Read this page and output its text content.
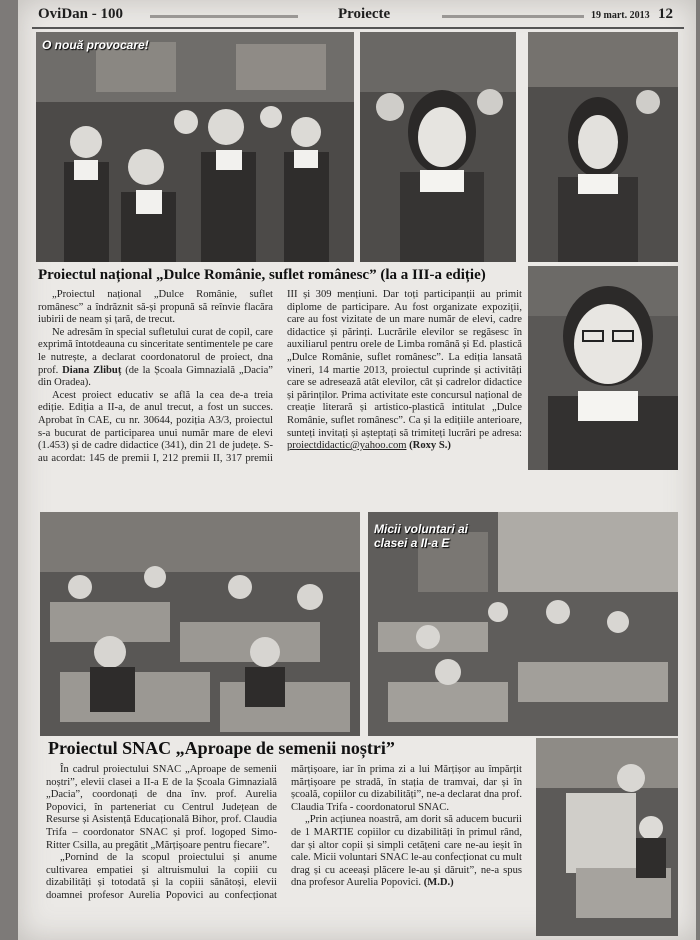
OviDan - 100	Proiecte	19 mart. 2013 12
O nouă provocare!
Proiectul național „Dulce Românie, suflet românesc” (la a III-a ediție)

„Proiectul național „Dulce Românie, suflet românesc” a îndrăznit să-și propună să reînvie flacăra iubirii de neam și țară, de trecut.

Ne adresăm în special sufletului curat de copil, care exprimă întotdeauna cu sinceritate sentimentele pe care le nutrește, a declarat coordonatorul de proiect, dna prof. Diana Zlibuț (de la Școala Gimnazială „Dacia” din Oradea).

Acest proiect educativ se află la cea de-a treia ediție. Ediția a II-a, de anul trecut, a fost un succes. Aprobat în CAE, cu nr. 30644, poziția A3/3, proiectul s-a bucurat de participarea unui număr mare de elevi (1.453) și de cadre didactice (341), din 21 de județe. S-au acordat: 145 de premii I, 212 premii II, 317 premii III și 309 mențiuni. Dar toți participanții au primit diplome de participare. Au fost organizate expoziții, care au fost vizitate de un mare număr de elevi, cadre didactice și părinți. Lucrările elevilor se regăsesc în auxiliarul pentru orele de Limba română și Ed. plastică „Dulce Românie, suflet românesc”. La ediția lansată vineri, 14 martie 2013, proiectul cuprinde și activități care se adresează atât elevilor, cât și cadrelor didactice și părinților. Prima activitate este concursul național de creație literară și artistico-plastică intitulat „Dulce Românie, suflet românesc”. Ca și la edițiile anterioare, sunteți invitați și așteptați să trimiteți lucrări pe adresa: proiectdidactic@yahoo.com (Roxy S.)

Micii voluntari ai
clasei a II-a E
Proiectul SNAC „Aproape de semenii noștri”

În cadrul proiectului SNAC „Aproape de semenii noștri”, elevii clasei a II-a E de la Școala Gimnazială „Dacia”, coordonați de dna înv. prof. Aurelia Popovici, în parteneriat cu Centrul Județean de Resurse și Asistență Educațională Bihor, prof. Claudia Trifa – coordonator SNAC și prof. logoped Simo-Ritter Csilla, au pregătit „Mărțișoare pentru fiecare”.

„Pornind de la scopul proiectului și anume cultivarea empatiei și altruismului la copiii cu dizabilități și totodată și la copiii sănătoși, elevii doamnei profesor Aurelia Popovici au confecționat mărțișoare, iar în prima zi a lui Mărțișor au împărțit mărțișoare pe stradă, în stația de tramvai, dar și în școală, copiilor cu dizabilități”, ne-a declarat dna prof. Claudia Trifa - coordonatorul SNAC.

„Prin acțiunea noastră, am dorit să aducem bucurii de 1 MARTIE copiilor cu dizabilități în primul rând, dar și altor copii și simpli cetățeni care ne-au ieșit în cale. Micii voluntari SNAC le-au confecționat cu mult drag și cu aceeași plăcere le-au și dăruit”, ne-a spus dna profesor Aurelia Popovici. (M.D.)
